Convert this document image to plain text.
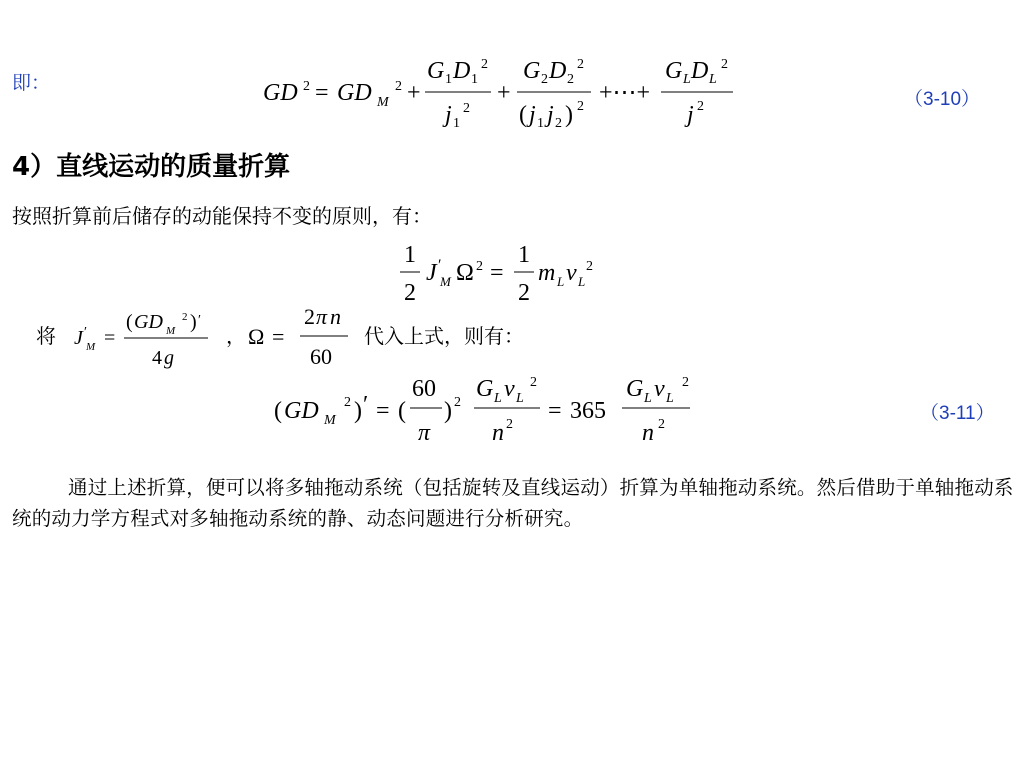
即：	GD 2 = GD M
2 +
G 1 D 1
2
j 1
2
+
G 2 D 2
2
( j 1 j 2 ) 2
+⋯+
G L D L
2
j 2	（3-10）
4）直线运动的质量折算
按照折算前后储存的动能保持不变的原则，有：
1
2
J ′
M Ω 2 =
1
2
m L v L
2
将 J ′
M =
( GD M
2 ) ′
4 g
， Ω =
2 π n
60
代入上式，则有：
( GD M
2 ) ′ = (
60
π
) 2
G L v L
2
n 2
= 365
G L v L
2
n 2
（3-11）
通过上述折算，便可以将多轴拖动系统（包括旋转及直线运动）折算为单轴拖动系统。然后借助于单轴拖动系统的动力学方程式对多轴拖动系统的静、动态问题进行分析研究。
